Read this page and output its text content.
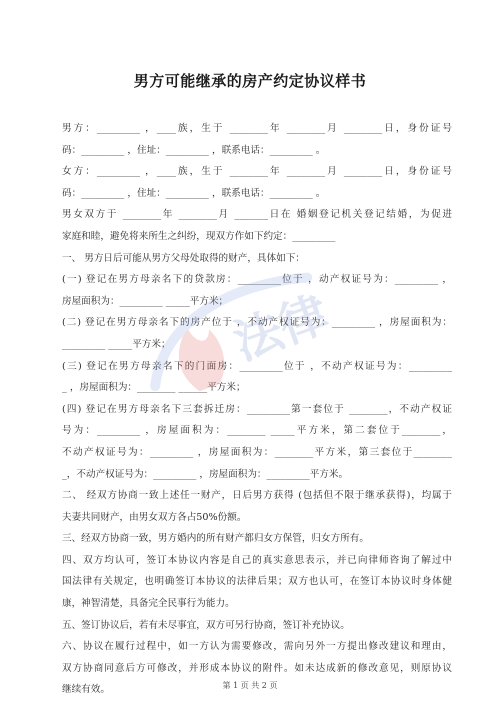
男方可能继承的房产约定协议样书
男方：_________ ，____族，生于 ________年 ________月 ________日，身份证号
码：_________ ，住址：_________ ，联系电话：_________ 。
女方：_________ ，____族，生于 ________年 ________月 ________日，身份证号
码：_________ ，住址：_________ ，联系电话：_________ 。
男女双方于 ________年 ________月 _______日在 婚姻登记机关登记结婚，为促进
家庭和睦，避免将来所生之纠纷，现双方作如下约定：_________
一、 男方日后可能从男方父母处取得的财产，具体如下：
(一) 登记在男方母亲名下的贷款房：_________位于 ，动产权证号为：_________ ，
房屋面积为：_________ _____平方米；
(二) 登记在男方母亲名下的房产位于 ，不动产权证号为：_________ ，房屋面积为：
_________ _____平方米；
(三) 登记在男方母亲名下的门面房：_________位于 ，不动产权证号为：_________
_ ，房屋面积为：________ ______平方米；
(四) 登记在男方母亲名下三套拆迁房：_________第一套位于 ________，不动产权证
号为：_________ ，房屋面积为：________ _____平方米，第二套位于________，
不动产权证号为：_________ ，房屋面积为：________平方米，第三套位于________
_，不动产权证号为：_________ ，房屋面积为：_________平方米。
二、 经双方协商一致上述任一财产，日后男方获得 (包括但不限于继承获得)，均属于
夫妻共同财产，由男女双方各占50%份额。
三、经双方协商一致，男方婚内的所有财产都归女方保管，归女方所有。
四、双方均认可，签订本协议内容是自己的真实意思表示，并已向律师咨询了解过中
国法律有关规定，也明确签订本协议的法律后果；双方也认可，在签订本协议时身体健
康，神智清楚，具备完全民事行为能力。
五、签订协议后，若有未尽事宜，双方可另行协商，签订补充协议。
六、协议在履行过程中，如一方认为需要修改，需向另外一方提出修改建议和理由，
双方协商同意后方可修改，并形成本协议的附件。如未达成新的修改意见，则原协议
继续有效。
法律
第 1 页 共 2 页
